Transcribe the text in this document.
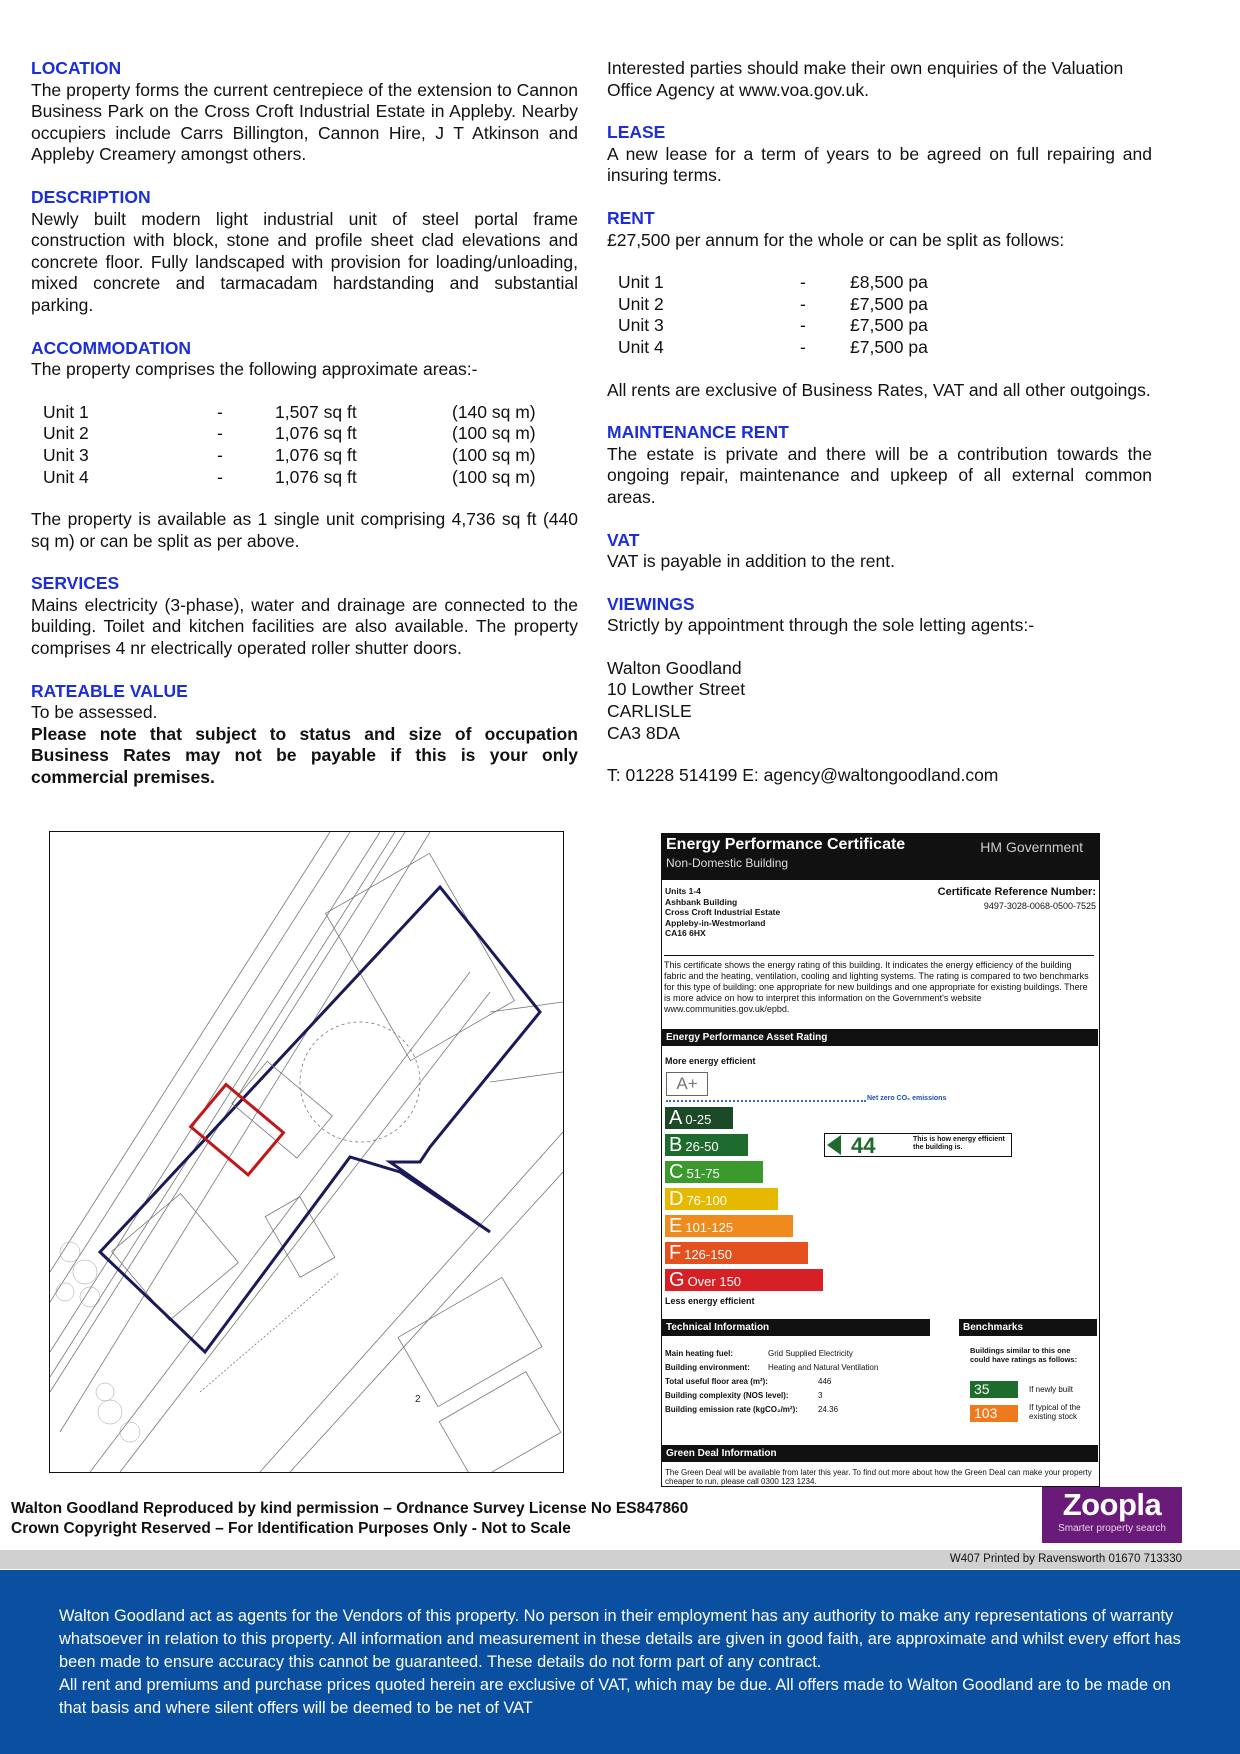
LOCATION
The property forms the current centrepiece of the extension to Cannon Business Park on the Cross Croft Industrial Estate in Appleby. Nearby occupiers include Carrs Billington, Cannon Hire, J T Atkinson and Appleby Creamery amongst others.
DESCRIPTION
Newly built modern light industrial unit of steel portal frame construction with block, stone and profile sheet clad elevations and concrete floor. Fully landscaped with provision for loading/unloading, mixed concrete and tarmacadam hardstanding and substantial parking.
ACCOMMODATION
The property comprises the following approximate areas:-
Unit 1	-	1,507 sq ft	(140 sq m)
Unit 2	-	1,076 sq ft	(100 sq m)
Unit 3	-	1,076 sq ft	(100 sq m)
Unit 4	-	1,076 sq ft	(100 sq m)
The property is available as 1 single unit comprising 4,736 sq ft (440 sq m) or can be split as per above.
SERVICES
Mains electricity (3-phase), water and drainage are connected to the building. Toilet and kitchen facilities are also available. The property comprises 4 nr electrically operated roller shutter doors.
RATEABLE VALUE
To be assessed.
Please note that subject to status and size of occupation Business Rates may not be payable if this is your only commercial premises.
Interested parties should make their own enquiries of the Valuation Office Agency at www.voa.gov.uk.
LEASE
A new lease for a term of years to be agreed on full repairing and insuring terms.
RENT
£27,500 per annum for the whole or can be split as follows:
Unit 1	-	£8,500 pa
Unit 2	-	£7,500 pa
Unit 3	-	£7,500 pa
Unit 4	-	£7,500 pa
All rents are exclusive of Business Rates, VAT and all other outgoings.
MAINTENANCE RENT
The estate is private and there will be a contribution towards the ongoing repair, maintenance and upkeep of all external common areas.
VAT
VAT is payable in addition to the rent.
VIEWINGS
Strictly by appointment through the sole letting agents:-
Walton Goodland
10 Lowther Street
CARLISLE
CA3 8DA
T: 01228 514199 E: agency@waltongoodland.com
2
Energy Performance Certificate
Non-Domestic Building
HM Government
Units 1-4
Ashbank Building
Cross Croft Industrial Estate
Appleby-in-Westmorland
CA16 6HX
Certificate Reference Number:
9497-3028-0068-0500-7525
This certificate shows the energy rating of this building. It indicates the energy efficiency of the building fabric and the heating, ventilation, cooling and lighting systems. The rating is compared to two benchmarks for this type of building: one appropriate for new buildings and one appropriate for existing buildings. There is more advice on how to interpret this information on the Government's website www.communities.gov.uk/epbd.
Energy Performance Asset Rating
More energy efficient
A+
Net zero CO₂ emissions
A 0-25
B 26-50
C 51-75
D 76-100
E 101-125
F 126-150
G Over 150
44	This is how energy efficient the building is.
Less energy efficient
Technical Information	Benchmarks
Main heating fuel:	Grid Supplied Electricity
Building environment: Heating and Natural Ventilation
Total useful floor area (m²):	446
Building complexity (NOS level):	3
Building emission rate (kgCO₂/m²):	24.36
Buildings similar to this one could have ratings as follows:
35	If newly built
103	If typical of the existing stock
Green Deal Information
The Green Deal will be available from later this year. To find out more about how the Green Deal can make your property cheaper to run, please call 0300 123 1234.
Walton Goodland Reproduced by kind permission – Ordnance Survey License No ES847860
Crown Copyright Reserved – For Identification Purposes Only - Not to Scale
Zoopla
Smarter property search
W407 Printed by Ravensworth 01670 713330
Walton Goodland act as agents for the Vendors of this property. No person in their employment has any authority to make any representations of warranty whatsoever in relation to this property. All information and measurement in these details are given in good faith, are approximate and whilst every effort has been made to ensure accuracy this cannot be guaranteed. These details do not form part of any contract.
All rent and premiums and purchase prices quoted herein are exclusive of VAT, which may be due. All offers made to Walton Goodland are to be made on that basis and where silent offers will be deemed to be net of VAT
